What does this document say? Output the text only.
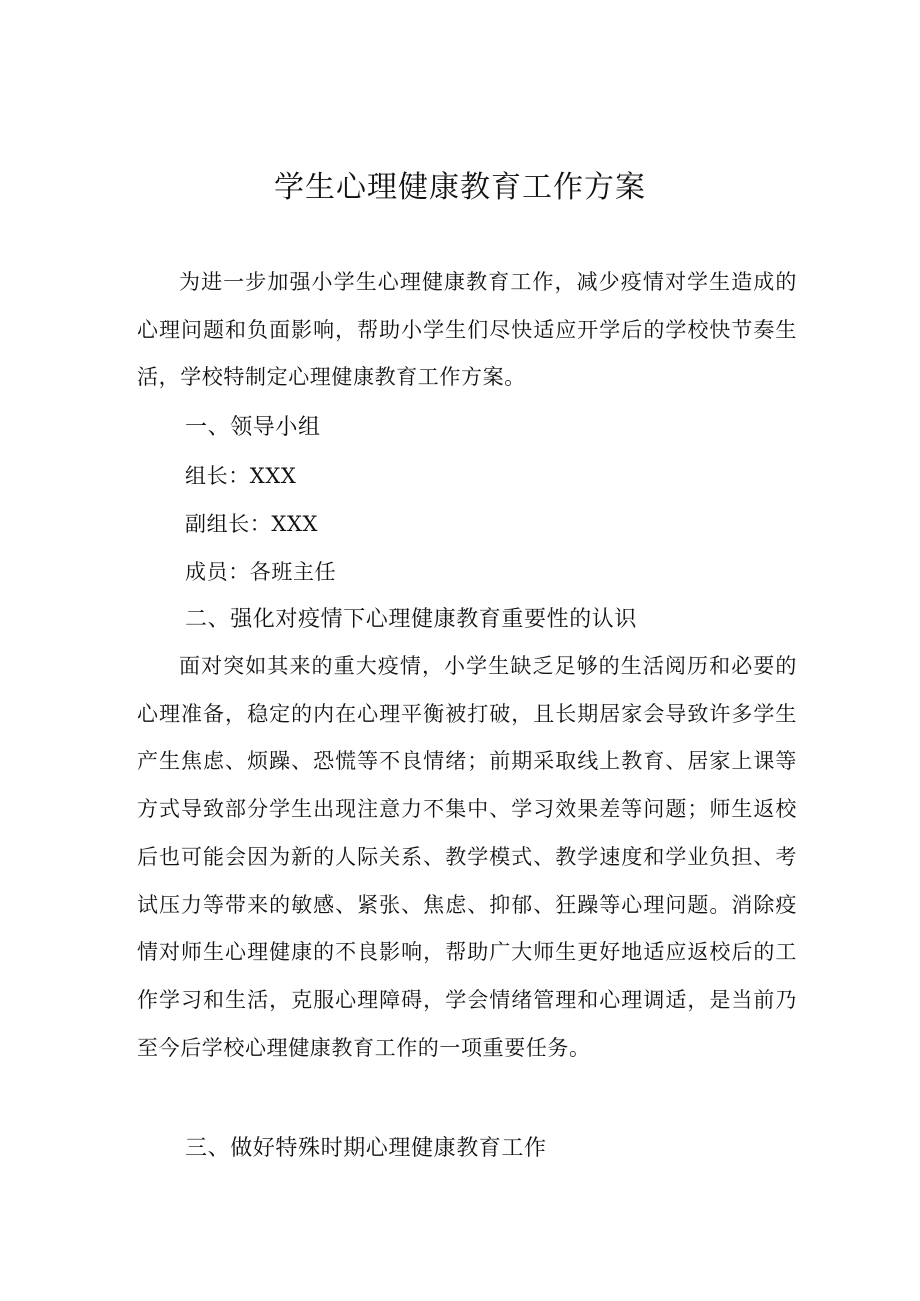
学生心理健康教育工作方案

为进一步加强小学生心理健康教育工作，减少疫情对学生造成的心理问题和负面影响，帮助小学生们尽快适应开学后的学校快节奏生活，学校特制定心理健康教育工作方案。

一、领导小组

组长：XXX

副组长：XXX

成员：各班主任

二、强化对疫情下心理健康教育重要性的认识

面对突如其来的重大疫情，小学生缺乏足够的生活阅历和必要的心理准备，稳定的内在心理平衡被打破，且长期居家会导致许多学生产生焦虑、烦躁、恐慌等不良情绪；前期采取线上教育、居家上课等方式导致部分学生出现注意力不集中、学习效果差等问题；师生返校后也可能会因为新的人际关系、教学模式、教学速度和学业负担、考试压力等带来的敏感、紧张、焦虑、抑郁、狂躁等心理问题。消除疫情对师生心理健康的不良影响，帮助广大师生更好地适应返校后的工作学习和生活，克服心理障碍，学会情绪管理和心理调适，是当前乃至今后学校心理健康教育工作的一项重要任务。

三、做好特殊时期心理健康教育工作
